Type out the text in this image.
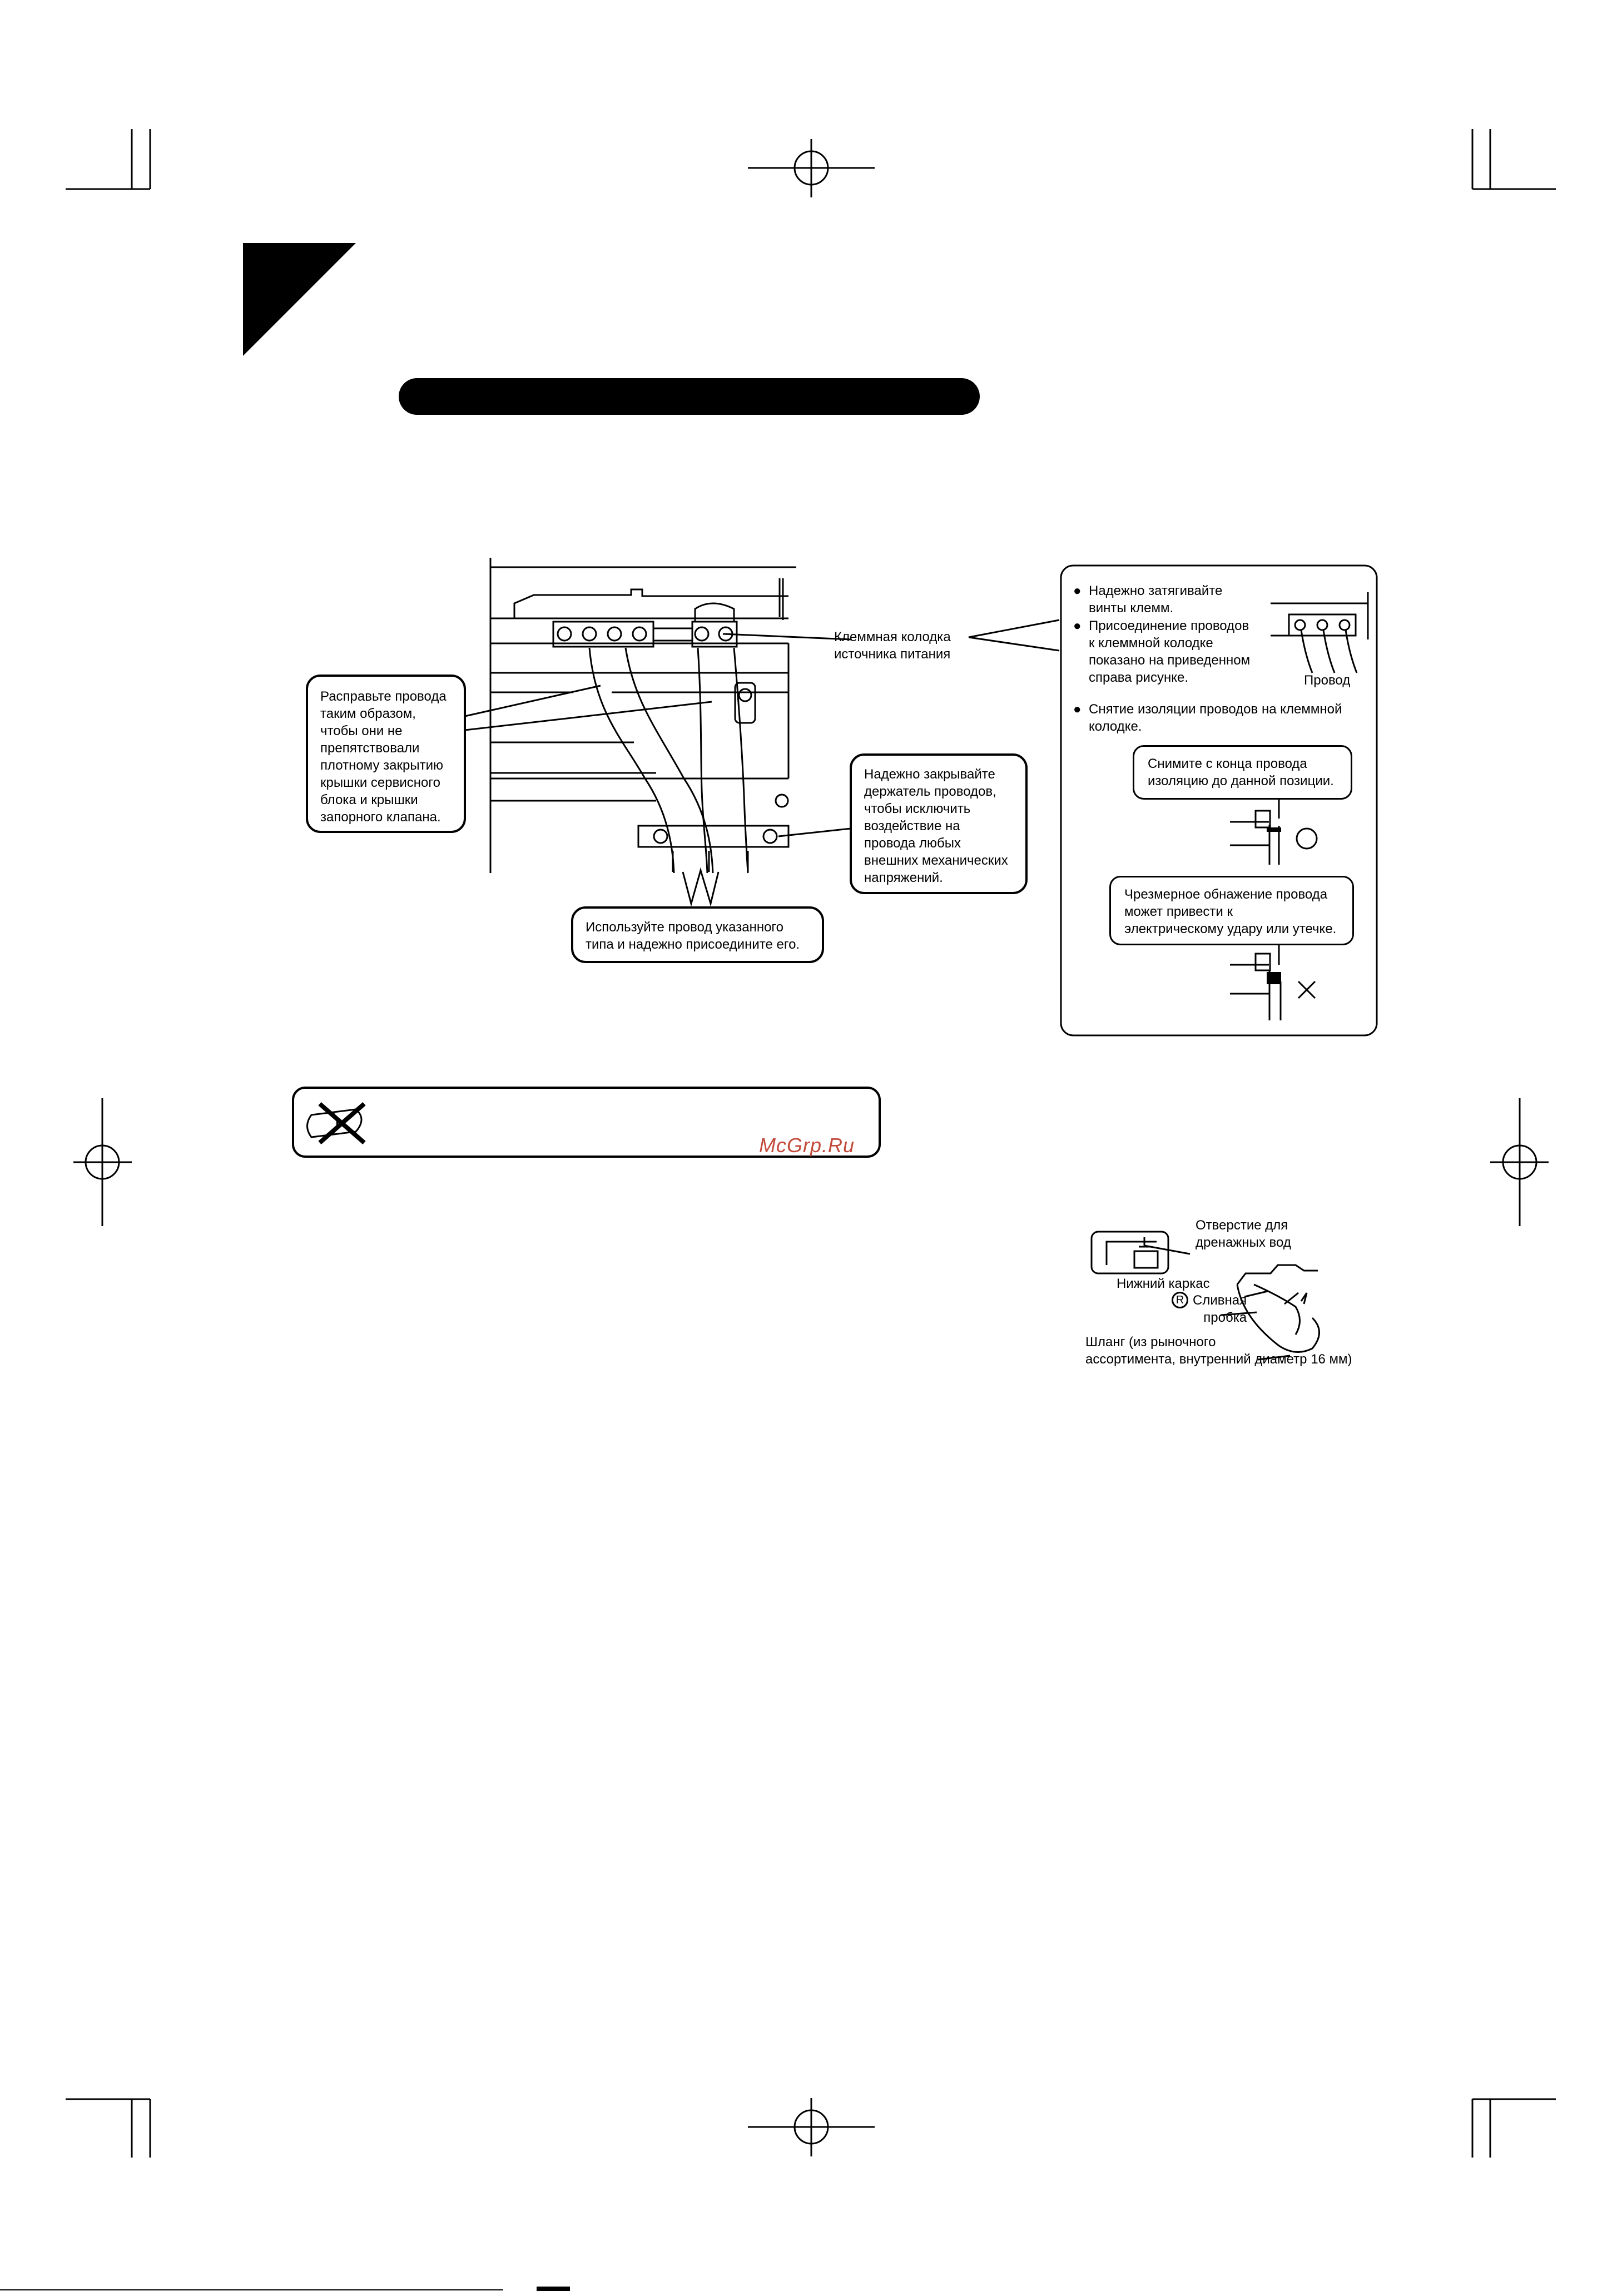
Клеммная колодка
источника питания
Расправьте провода
таким образом,
чтобы они не
препятствовали
плотному закрытию
крышки сервисного
блока и крышки
запорного клапана.
Надежно закрывайте
держатель проводов,
чтобы исключить
воздействие на
провода любых
внешних механических
напряжений.
Используйте провод указанного
типа и надежно присоедините его.
● Надежно затягивайте
винты клемм.
● Присоединение проводов
к клеммной колодке
показано на приведенном
справа рисунке.	Провод
● Снятие изоляции проводов на клеммной
колодке.
Снимите с конца провода
изоляцию до данной позиции.
Чрезмерное обнажение провода
может привести к
электрическому удару или утечке.
McGrp.Ru
Отверстие для
дренажных вод
Нижний каркас
R Сливная
пробка
Шланг (из рыночного
ассортимента, внутренний диаметр 16 мм)
